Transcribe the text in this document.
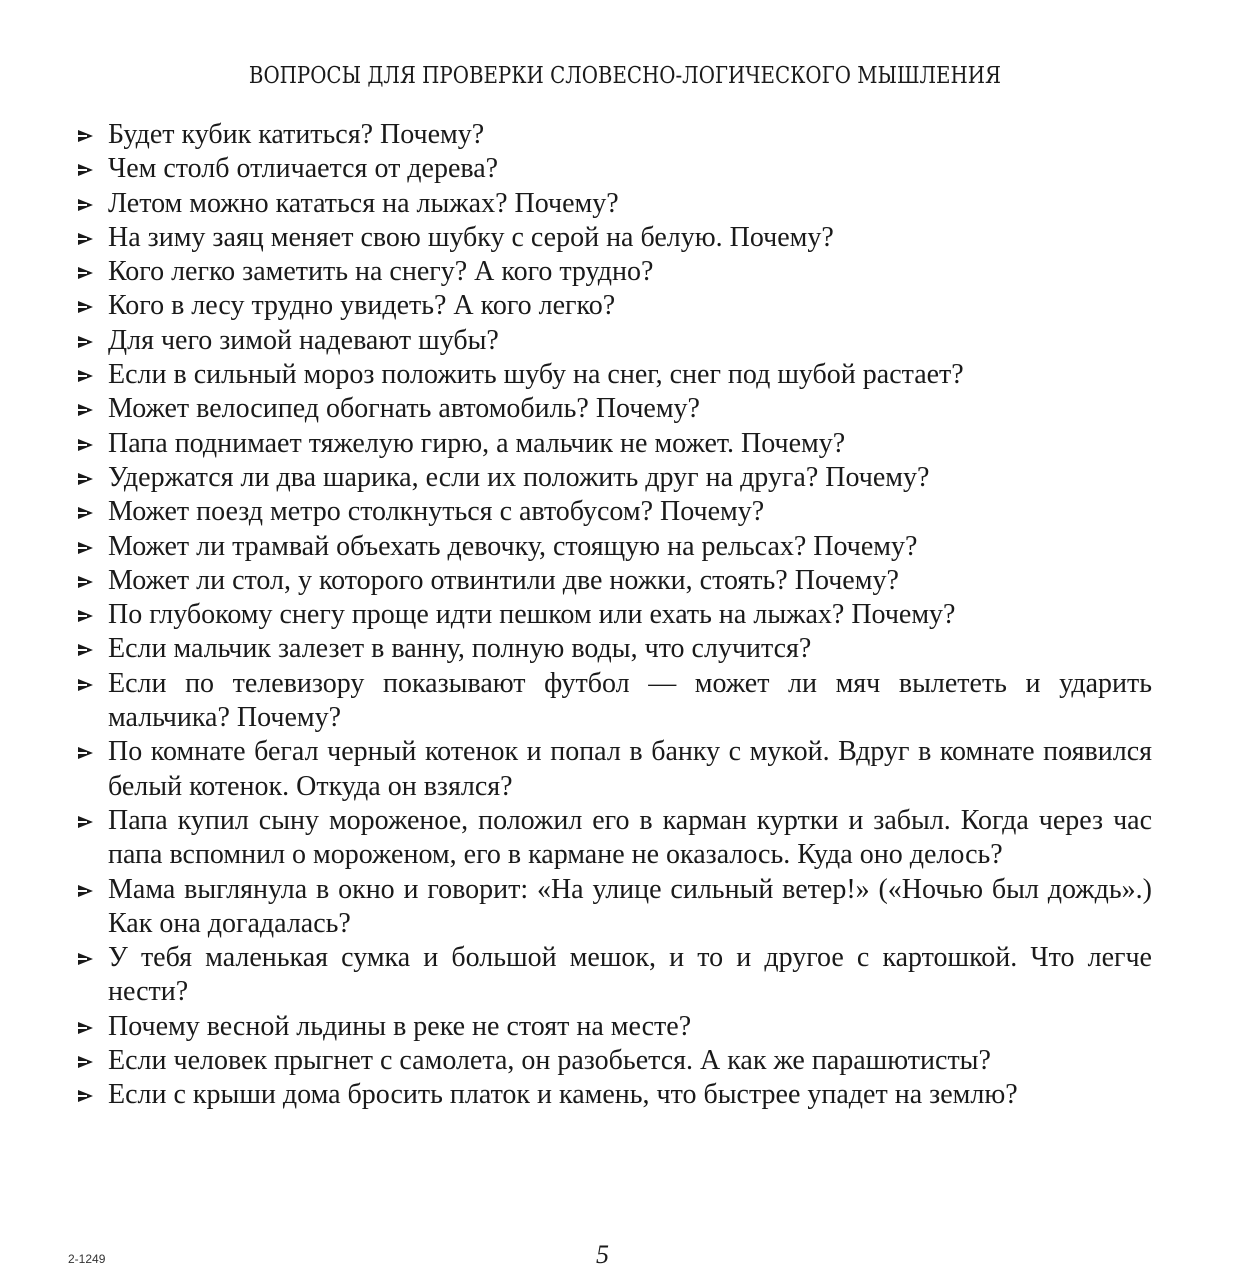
ВОПРОСЫ ДЛЯ ПРОВЕРКИ СЛОВЕСНО-ЛОГИЧЕСКОГО МЫШЛЕНИЯ
Будет кубик катиться? Почему?
Чем столб отличается от дерева?
Летом можно кататься на лыжах? Почему?
На зиму заяц меняет свою шубку с серой на белую. Почему?
Кого легко заметить на снегу? А кого трудно?
Кого в лесу трудно увидеть? А кого легко?
Для чего зимой надевают шубы?
Если в сильный мороз положить шубу на снег, снег под шубой растает?
Может велосипед обогнать автомобиль? Почему?
Папа поднимает тяжелую гирю, а мальчик не может. Почему?
Удержатся ли два шарика, если их положить друг на друга? Почему?
Может поезд метро столкнуться с автобусом? Почему?
Может ли трамвай объехать девочку, стоящую на рельсах? Почему?
Может ли стол, у которого отвинтили две ножки, стоять? Почему?
По глубокому снегу проще идти пешком или ехать на лыжах? Почему?
Если мальчик залезет в ванну, полную воды, что случится?
Если по телевизору показывают футбол — может ли мяч вылететь и ударить мальчика? Почему?
По комнате бегал черный котенок и попал в банку с мукой. Вдруг в комнате появился белый котенок. Откуда он взялся?
Папа купил сыну мороженое, положил его в карман куртки и забыл. Когда через час папа вспомнил о мороженом, его в кармане не оказалось. Куда оно делось?
Мама выглянула в окно и говорит: «На улице сильный ветер!» («Ночью был дождь».) Как она догадалась?
У тебя маленькая сумка и большой мешок, и то и другое с картошкой. Что легче нести?
Почему весной льдины в реке не стоят на месте?
Если человек прыгнет с самолета, он разобьется. А как же парашютисты?
Если с крыши дома бросить платок и камень, что быстрее упадет на землю?
2-1249	5
